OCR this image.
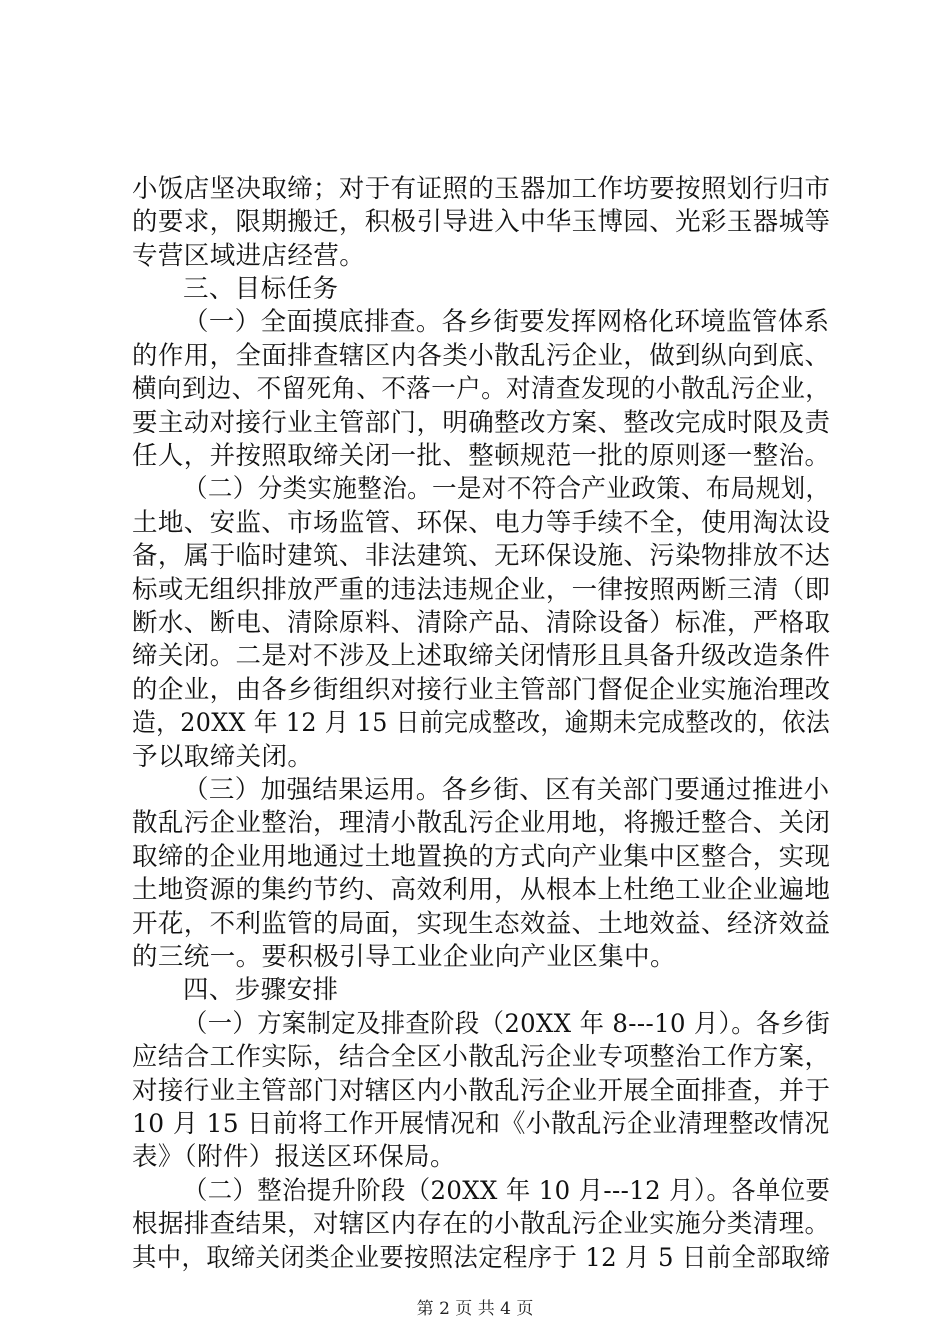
小饭店坚决取缔；对于有证照的玉器加工作坊要按照划行归市
的要求，限期搬迁，积极引导进入中华玉博园、光彩玉器城等
专营区域进店经营。
三、目标任务
（一）全面摸底排查。各乡街要发挥网格化环境监管体系
的作用，全面排查辖区内各类小散乱污企业，做到纵向到底、
横向到边、不留死角、不落一户。对清查发现的小散乱污企业，
要主动对接行业主管部门，明确整改方案、整改完成时限及责
任人，并按照取缔关闭一批、整顿规范一批的原则逐一整治。
（二）分类实施整治。一是对不符合产业政策、布局规划，
土地、安监、市场监管、环保、电力等手续不全，使用淘汰设
备，属于临时建筑、非法建筑、无环保设施、污染物排放不达
标或无组织排放严重的违法违规企业，一律按照两断三清（即
断水、断电、清除原料、清除产品、清除设备）标准，严格取
缔关闭。二是对不涉及上述取缔关闭情形且具备升级改造条件
的企业，由各乡街组织对接行业主管部门督促企业实施治理改
造，20XX 年 12 月 15 日前完成整改，逾期未完成整改的，依法
予以取缔关闭。
（三）加强结果运用。各乡街、区有关部门要通过推进小
散乱污企业整治，理清小散乱污企业用地，将搬迁整合、关闭
取缔的企业用地通过土地置换的方式向产业集中区整合，实现
土地资源的集约节约、高效利用，从根本上杜绝工业企业遍地
开花，不利监管的局面，实现生态效益、土地效益、经济效益
的三统一。要积极引导工业企业向产业区集中。
四、步骤安排
（一）方案制定及排查阶段（20XX 年 8---10 月）。各乡街
应结合工作实际，结合全区小散乱污企业专项整治工作方案，
对接行业主管部门对辖区内小散乱污企业开展全面排查，并于
10 月 15 日前将工作开展情况和《小散乱污企业清理整改情况
表》（附件）报送区环保局。
（二）整治提升阶段（20XX 年 10 月---12 月）。各单位要
根据排查结果，对辖区内存在的小散乱污企业实施分类清理。
其中，取缔关闭类企业要按照法定程序于 12 月 5 日前全部取缔
第 2 页 共 4 页
